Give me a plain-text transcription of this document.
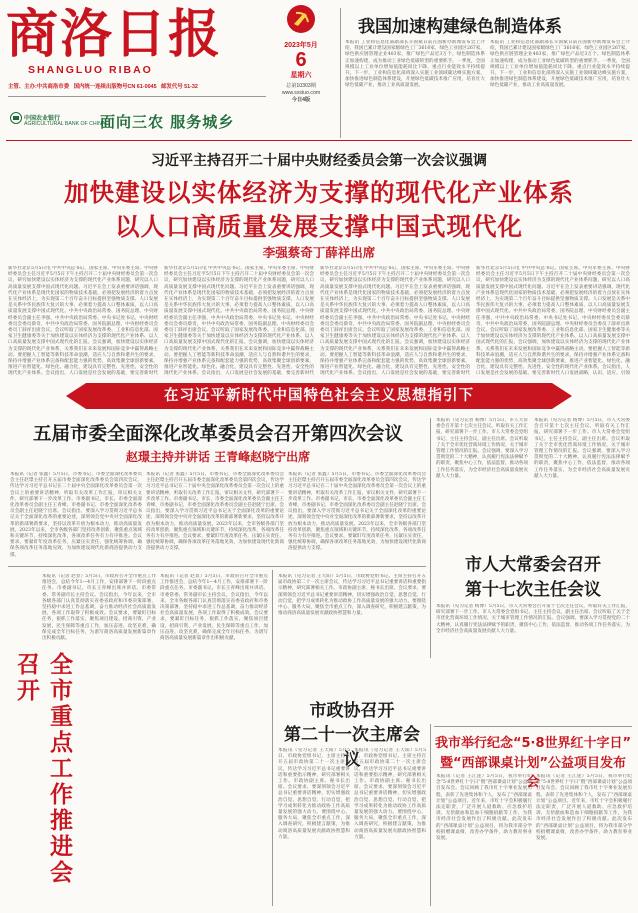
商洛日报
SHANGLUO RIBAO
主管、主办:中共商洛市委 国内统一连续出版物号CN 61-0045 邮发代号 51-32
中国农业银行
AGRICULTURAL BANK OF CHINA
面向三农 服务城乡
2023年5月
6
星期六
总第10303期
www.sxsluo.com
今日4版
我国加速构建绿色制造体系
本报讯 工业和信息化部副部长辛国斌日前在国新办新闻发布会上介绍，我国已累计建设国家级绿色工厂3616家，绿色工业园区267家，绿色供应链管理企业403家，推广绿色产品近3万个。绿色制造体系正加速构建，成为推动工业绿色低碳转型的重要抓手。一季度，全国规模以上工业单位增加值能耗同比下降，重点行业能效水平持续提升。下一步，工业和信息化部将深入实施工业领域碳达峰实施方案，加快推进绿色制造体系建设，开展绿色低碳技术推广应用，培育壮大绿色低碳产业，推动工业高质量发展。
本报讯 工业和信息化部副部长辛国斌日前在国新办新闻发布会上介绍，我国已累计建设国家级绿色工厂3616家，绿色工业园区267家，绿色供应链管理企业403家，推广绿色产品近3万个。绿色制造体系正加速构建，成为推动工业绿色低碳转型的重要抓手。一季度，全国规模以上工业单位增加值能耗同比下降，重点行业能效水平持续提升。下一步，工业和信息化部将深入实施工业领域碳达峰实施方案，加快推进绿色制造体系建设，开展绿色低碳技术推广应用，培育壮大绿色低碳产业，推动工业高质量发展。
习近平主持召开二十届中央财经委员会第一次会议强调
加快建设以实体经济为支撑的现代化产业体系
以人口高质量发展支撑中国式现代化
李强蔡奇丁薛祥出席
新华社北京5月5日电 中共中央总书记、国家主席、中央军委主席、中央财经委员会主任习近平5月5日下午主持召开二十届中央财经委员会第一次会议，研究加快建设以实体经济为支撑的现代化产业体系问题，研究以人口高质量发展支撑中国式现代化问题。习近平在会上发表重要讲话强调，现代化产业体系是现代化国家的物质技术基础，必须把发展经济的着力点放在实体经济上，为实现第二个百年奋斗目标提供坚强物质支撑。人口发展是关系中华民族伟大复兴的大事，必须着力提高人口整体素质，以人口高质量发展支撑中国式现代化。中共中央政治局常委、国务院总理、中央财经委员会副主任李强，中共中央政治局常委、中央书记处书记、中央财经委员会委员蔡奇，中共中央政治局常委、国务院副总理、中央财经委员会委员丁薛祥出席会议。会议听取了国家发展改革委、工业和信息化部、国家卫生健康委等关于加快建设以实体经济为支撑的现代化产业体系、以人口高质量发展支撑中国式现代化的汇报。会议强调，加快建设以实体经济为支撑的现代化产业体系，关系我们在未来发展和国际竞争中赢得战略主动。要把握人工智能等新科技革命浪潮，适应人与自然和谐共生的要求，保持并增强产业体系完备和配套能力强的优势，高效集聚全球创新要素，推进产业智能化、绿色化、融合化，建设具有完整性、先进性、安全性的现代化产业体系。会议指出，人口发展是社会发展的基础，要完善新时代
新华社北京5月5日电 中共中央总书记、国家主席、中央军委主席、中央财经委员会主任习近平5月5日下午主持召开二十届中央财经委员会第一次会议，研究加快建设以实体经济为支撑的现代化产业体系问题，研究以人口高质量发展支撑中国式现代化问题。习近平在会上发表重要讲话强调，现代化产业体系是现代化国家的物质技术基础，必须把发展经济的着力点放在实体经济上，为实现第二个百年奋斗目标提供坚强物质支撑。人口发展是关系中华民族伟大复兴的大事，必须着力提高人口整体素质，以人口高质量发展支撑中国式现代化。中共中央政治局常委、国务院总理、中央财经委员会副主任李强，中共中央政治局常委、中央书记处书记、中央财经委员会委员蔡奇，中共中央政治局常委、国务院副总理、中央财经委员会委员丁薛祥出席会议。会议听取了国家发展改革委、工业和信息化部、国家卫生健康委等关于加快建设以实体经济为支撑的现代化产业体系、以人口高质量发展支撑中国式现代化的汇报。会议强调，加快建设以实体经济为支撑的现代化产业体系，关系我们在未来发展和国际竞争中赢得战略主动。要把握人工智能等新科技革命浪潮，适应人与自然和谐共生的要求，保持并增强产业体系完备和配套能力强的优势，高效集聚全球创新要素，推进产业智能化、绿色化、融合化，建设具有完整性、先进性、安全性的现代化产业体系。会议指出，人口发展是社会发展的基础，要完善新时代
新华社北京5月5日电 中共中央总书记、国家主席、中央军委主席、中央财经委员会主任习近平5月5日下午主持召开二十届中央财经委员会第一次会议，研究加快建设以实体经济为支撑的现代化产业体系问题，研究以人口高质量发展支撑中国式现代化问题。习近平在会上发表重要讲话强调，现代化产业体系是现代化国家的物质技术基础，必须把发展经济的着力点放在实体经济上，为实现第二个百年奋斗目标提供坚强物质支撑。人口发展是关系中华民族伟大复兴的大事，必须着力提高人口整体素质，以人口高质量发展支撑中国式现代化。中共中央政治局常委、国务院总理、中央财经委员会副主任李强，中共中央政治局常委、中央书记处书记、中央财经委员会委员蔡奇，中共中央政治局常委、国务院副总理、中央财经委员会委员丁薛祥出席会议。会议听取了国家发展改革委、工业和信息化部、国家卫生健康委等关于加快建设以实体经济为支撑的现代化产业体系、以人口高质量发展支撑中国式现代化的汇报。会议强调，加快建设以实体经济为支撑的现代化产业体系，关系我们在未来发展和国际竞争中赢得战略主动。要把握人工智能等新科技革命浪潮，适应人与自然和谐共生的要求，保持并增强产业体系完备和配套能力强的优势，高效集聚全球创新要素，推进产业智能化、绿色化、融合化，建设具有完整性、先进性、安全性的现代化产业体系。会议指出，人口发展是社会发展的基础，要完善新时代
新华社北京5月5日电 中共中央总书记、国家主席、中央军委主席、中央财经委员会主任习近平5月5日下午主持召开二十届中央财经委员会第一次会议，研究加快建设以实体经济为支撑的现代化产业体系问题，研究以人口高质量发展支撑中国式现代化问题。习近平在会上发表重要讲话强调，现代化产业体系是现代化国家的物质技术基础，必须把发展经济的着力点放在实体经济上，为实现第二个百年奋斗目标提供坚强物质支撑。人口发展是关系中华民族伟大复兴的大事，必须着力提高人口整体素质，以人口高质量发展支撑中国式现代化。中共中央政治局常委、国务院总理、中央财经委员会副主任李强，中共中央政治局常委、中央书记处书记、中央财经委员会委员蔡奇，中共中央政治局常委、国务院副总理、中央财经委员会委员丁薛祥出席会议。会议听取了国家发展改革委、工业和信息化部、国家卫生健康委等关于加快建设以实体经济为支撑的现代化产业体系、以人口高质量发展支撑中国式现代化的汇报。会议强调，加快建设以实体经济为支撑的现代化产业体系，关系我们在未来发展和国际竞争中赢得战略主动。要把握人工智能等新科技革命浪潮，适应人与自然和谐共生的要求，保持并增强产业体系完备和配套能力强的优势，高效集聚全球创新要素，推进产业智能化、绿色化、融合化，建设具有完整性、先进性、安全性的现代化产业体系。会议指出，人口发展是社会发展的基础，要完善新时代人口发展战略，认识、适应、引领
在习近平新时代中国特色社会主义思想指引下
五届市委全面深化改革委员会召开第四次会议
赵璟主持并讲话 王青峰赵晓宁出席
本报讯（记者 张鑫）5月5日，市委书记、市委全面深化改革委员会主任赵璟主持召开五届市委全面深化改革委员会第四次会议，传达学习习近平总书记在二十届中央全面深化改革委员会第一次会议上的重要讲话精神，听取有关改革工作汇报，审议相关文件，研究部署下一步改革工作。市委副书记、市长、市委全面深化改革委员会副主任王青峰，市委副书记、市委全面深化改革委员会副主任赵晓宁出席。会议指出，要深入学习贯彻习近平总书记关于全面深化改革的重要论述，深刻领会党中央对全面深化改革的新部署新要求，坚持以改革开放为根本动力，推动高质量发展。2023年以来，全市各级各部门坚持改革创新，聚焦重点领域和关键环节，持续深化改革，各项改革任务有力有序推进。会议要求，要紧盯年度改革任务，压紧压实责任，强化统筹协调，确保各项改革任务落地见效，为加快建设现代化新商洛提供动力支撑。
本报讯（记者 张鑫）5月5日，市委书记、市委全面深化改革委员会主任赵璟主持召开五届市委全面深化改革委员会第四次会议，传达学习习近平总书记在二十届中央全面深化改革委员会第一次会议上的重要讲话精神，听取有关改革工作汇报，审议相关文件，研究部署下一步改革工作。市委副书记、市长、市委全面深化改革委员会副主任王青峰，市委副书记、市委全面深化改革委员会副主任赵晓宁出席。会议指出，要深入学习贯彻习近平总书记关于全面深化改革的重要论述，深刻领会党中央对全面深化改革的新部署新要求，坚持以改革开放为根本动力，推动高质量发展。2023年以来，全市各级各部门坚持改革创新，聚焦重点领域和关键环节，持续深化改革，各项改革任务有力有序推进。会议要求，要紧盯年度改革任务，压紧压实责任，强化统筹协调，确保各项改革任务落地见效，为加快建设现代化新商洛提供动力支撑。
本报讯（记者 张鑫）5月5日，市委书记、市委全面深化改革委员会主任赵璟主持召开五届市委全面深化改革委员会第四次会议，传达学习习近平总书记在二十届中央全面深化改革委员会第一次会议上的重要讲话精神，听取有关改革工作汇报，审议相关文件，研究部署下一步改革工作。市委副书记、市长、市委全面深化改革委员会副主任王青峰，市委副书记、市委全面深化改革委员会副主任赵晓宁出席。会议指出，要深入学习贯彻习近平总书记关于全面深化改革的重要论述，深刻领会党中央对全面深化改革的新部署新要求，坚持以改革开放为根本动力，推动高质量发展。2023年以来，全市各级各部门坚持改革创新，聚焦重点领域和关键环节，持续深化改革，各项改革任务有力有序推进。会议要求，要紧盯年度改革任务，压紧压实责任，强化统筹协调，确保各项改革任务落地见效，为加快建设现代化新商洛提供动力支撑。
本报讯（见习记者 杨博）5月5日，市人大常委会召开第十七次主任会议，听取有关工作汇报，研究部署下一步工作。市人大常委会党组书记、主任主持会议，副主任出席。会议听取了关于全市优化营商环境工作情况、关于城市管理工作情况的汇报。会议强调，要深入学习贯彻党的二十大精神，认真履行宪法法律赋予的职责，聚焦中心工作，依法监督，推动各项工作任务落实，为全市经济社会高质量发展贡献人大力量。
本报讯（见习记者 杨博）5月5日，市人大常委会召开第十七次主任会议，听取有关工作汇报，研究部署下一步工作。市人大常委会党组书记、主任主持会议，副主任出席。会议听取了关于全市优化营商环境工作情况、关于城市管理工作情况的汇报。会议强调，要深入学习贯彻党的二十大精神，认真履行宪法法律赋予的职责，聚焦中心工作，依法监督，推动各项工作任务落实，为全市经济社会高质量发展贡献人大力量。
市人大常委会召开
第十七次主任会议
本报讯（见习记者 杨博）5月5日，市人大常委会召开第十七次主任会议，听取有关工作汇报，研究部署下一步工作。市人大常委会党组书记、主任主持会议，副主任出席。会议听取了关于全市优化营商环境工作情况、关于城市管理工作情况的汇报。会议强调，要深入学习贯彻党的二十大精神，认真履行宪法法律赋予的职责，聚焦中心工作，依法监督，推动各项工作任务落实，为全市经济社会高质量发展贡献人大力量。
全市重点工作推进会召开
本报讯（记者 赵显）5月5日，市政府召开全市重点工作推进会，总结今年1—4月工作，安排部署下一阶段重点任务。市委副书记、市长王青峰出席并讲话。市委常委、常务副市长主持会议。会议指出，今年以来，全市各级各部门认真贯彻落实省委省政府和市委决策部署，坚持稳中求进工作总基调，奋力推动经济社会高质量发展，各项工作取得了积极成效。会议要求，要紧盯目标任务，狠抓工作落实，聚焦项目建设、招商引资、产业发展、民生保障等重点工作，加压奋进、攻坚克难，确保完成全年目标任务，为谱写商洛高质量发展新篇章作出积极贡献。
本报讯（记者 赵显）5月5日，市政府召开全市重点工作推进会，总结今年1—4月工作，安排部署下一阶段重点任务。市委副书记、市长王青峰出席并讲话。市委常委、常务副市长主持会议。会议指出，今年以来，全市各级各部门认真贯彻落实省委省政府和市委决策部署，坚持稳中求进工作总基调，奋力推动经济社会高质量发展，各项工作取得了积极成效。会议要求，要紧盯目标任务，狠抓工作落实，聚焦项目建设、招商引资、产业发展、民生保障等重点工作，加压奋进、攻坚克难，确保完成全年目标任务，为谱写商洛高质量发展新篇章作出积极贡献。
本报讯（见习记者 王天阳）5月5日，市政协党组书记、主席主持召开五届市政协第二十一次主席会议，传达学习习近平总书记重要讲话和重要指示精神，研究部署相关工作。市政协副主席、秘书长出席。会议要求，要深刻领会习近平总书记重要讲话精神，切实增强政治自觉、思想自觉、行动自觉，把学习成果转化为推动政协工作高质量发展的强大动力。要围绕中心、服务大局，聚焦全市重点工作，深入调查研究，积极建言献策，为推动商洛高质量发展贡献政协智慧和力量。
市政协召开
第二十一次主席会议
本报讯（见习记者 王天阳）5月5日，市政协党组书记、主席主持召开五届市政协第二十一次主席会议，传达学习习近平总书记重要讲话和重要指示精神，研究部署相关工作。市政协副主席、秘书长出席。会议要求，要深刻领会习近平总书记重要讲话精神，切实增强政治自觉、思想自觉、行动自觉，把学习成果转化为推动政协工作高质量发展的强大动力。要围绕中心、服务大局，聚焦全市重点工作，深入调查研究，积极建言献策，为推动商洛高质量发展贡献政协智慧和力量。
本报讯（见习记者 王天阳）5月5日，市政协党组书记、主席主持召开五届市政协第二十一次主席会议，传达学习习近平总书记重要讲话和重要指示精神，研究部署相关工作。市政协副主席、秘书长出席。会议要求，要深刻领会习近平总书记重要讲话精神，切实增强政治自觉、思想自觉、行动自觉，把学习成果转化为推动政协工作高质量发展的强大动力。要围绕中心、服务大局，聚焦全市重点工作，深入调查研究，积极建言献策，为推动商洛高质量发展贡献政协智慧和力量。
我市举行纪念“5·8世界红十字日”
暨“西部课桌计划”公益项目发布会
本报讯（记者 王江莲）5月5日，我市举行纪念“5·8世界红十字日”暨“西部课桌计划”公益项目发布会。会议回顾了我市红十字事业发展历程，表彰了先进集体和个人，发布了“西部课桌计划”公益项目。近年来，市红十字会积极履行法定职责，广泛开展人道救助、应急救护培训、无偿献血和造血干细胞捐献等工作，为我市经济社会发展作出了积极贡献。此次发布的“西部课桌计划”公益项目，将为我市部分学校捐赠课桌椅，改善办学条件，助力教育事业发展。
本报讯（记者 王江莲）5月5日，我市举行纪念“5·8世界红十字日”暨“西部课桌计划”公益项目发布会。会议回顾了我市红十字事业发展历程，表彰了先进集体和个人，发布了“西部课桌计划”公益项目。近年来，市红十字会积极履行法定职责，广泛开展人道救助、应急救护培训、无偿献血和造血干细胞捐献等工作，为我市经济社会发展作出了积极贡献。此次发布的“西部课桌计划”公益项目，将为我市部分学校捐赠课桌椅，改善办学条件，助力教育事业发展。
